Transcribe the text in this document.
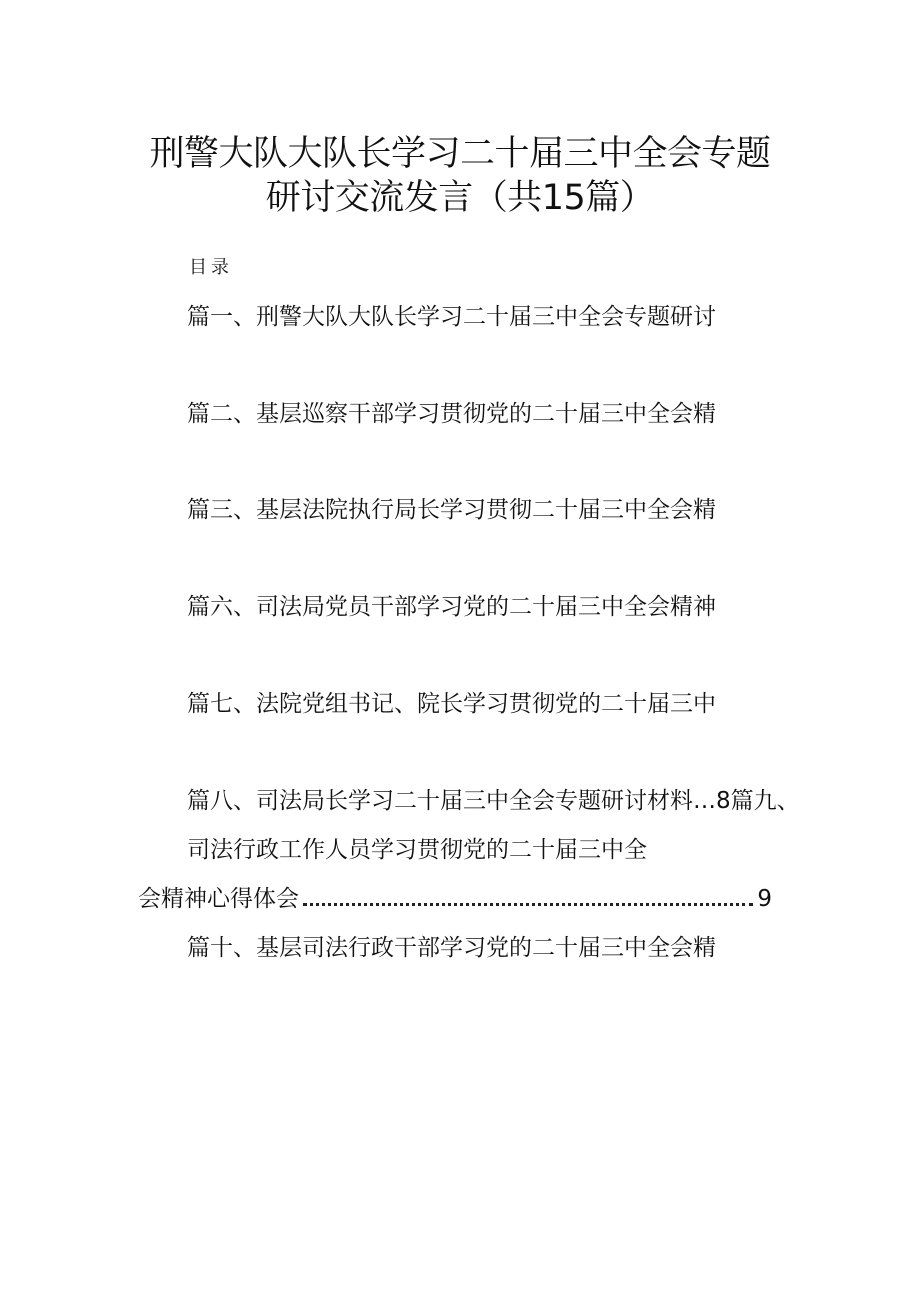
刑警大队大队长学习二十届三中全会专题
研讨交流发言（共15篇）
目录
篇一、刑警大队大队长学习二十届三中全会专题研讨
篇二、基层巡察干部学习贯彻党的二十届三中全会精
篇三、基层法院执行局长学习贯彻二十届三中全会精
篇六、司法局党员干部学习党的二十届三中全会精神
篇七、法院党组书记、院长学习贯彻党的二十届三中
篇八、司法局长学习二十届三中全会专题研讨材料…8篇九、
司法行政工作人员学习贯彻党的二十届三中全
会精神心得体会	9
篇十、基层司法行政干部学习党的二十届三中全会精
